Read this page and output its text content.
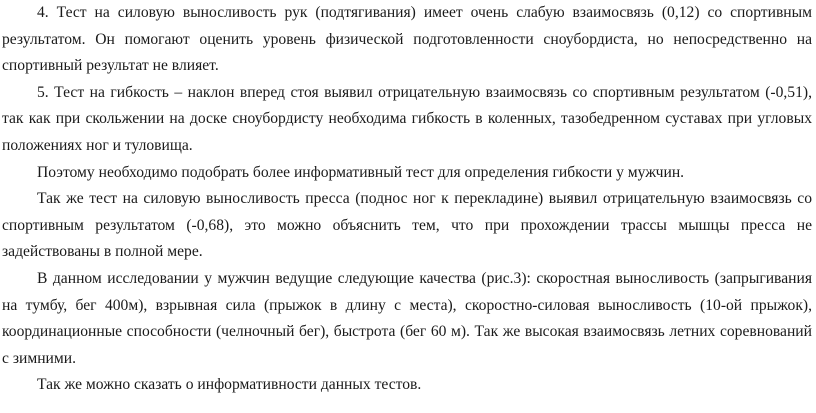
4. Тест на силовую выносливость рук (подтягивания) имеет очень слабую взаимосвязь (0,12) со спортивным результатом. Он помогают оценить уровень физической подготовленности сноубордиста, но непосредственно на спортивный результат не влияет.

5. Тест на гибкость – наклон вперед стоя выявил отрицательную взаимосвязь со спортивным результатом (-0,51), так как при скольжении на доске сноубордисту необходима гибкость в коленных, тазобедренном суставах при угловых положениях ног и туловища.

Поэтому необходимо подобрать более информативный тест для определения гибкости у мужчин.

Так же тест на силовую выносливость пресса (поднос ног к перекладине) выявил отрицательную взаимосвязь со спортивным результатом (-0,68), это можно объяснить тем, что при прохождении трассы мышцы пресса не задействованы в полной мере.

В данном исследовании у мужчин ведущие следующие качества (рис.3): скоростная выносливость (запрыгивания на тумбу, бег 400м), взрывная сила (прыжок в длину с места), скоростно-силовая выносливость (10-ой прыжок), координационные способности (челночный бег), быстрота (бег 60 м). Так же высокая взаимосвязь летних соревнований с зимними.

Так же можно сказать о информативности данных тестов.
